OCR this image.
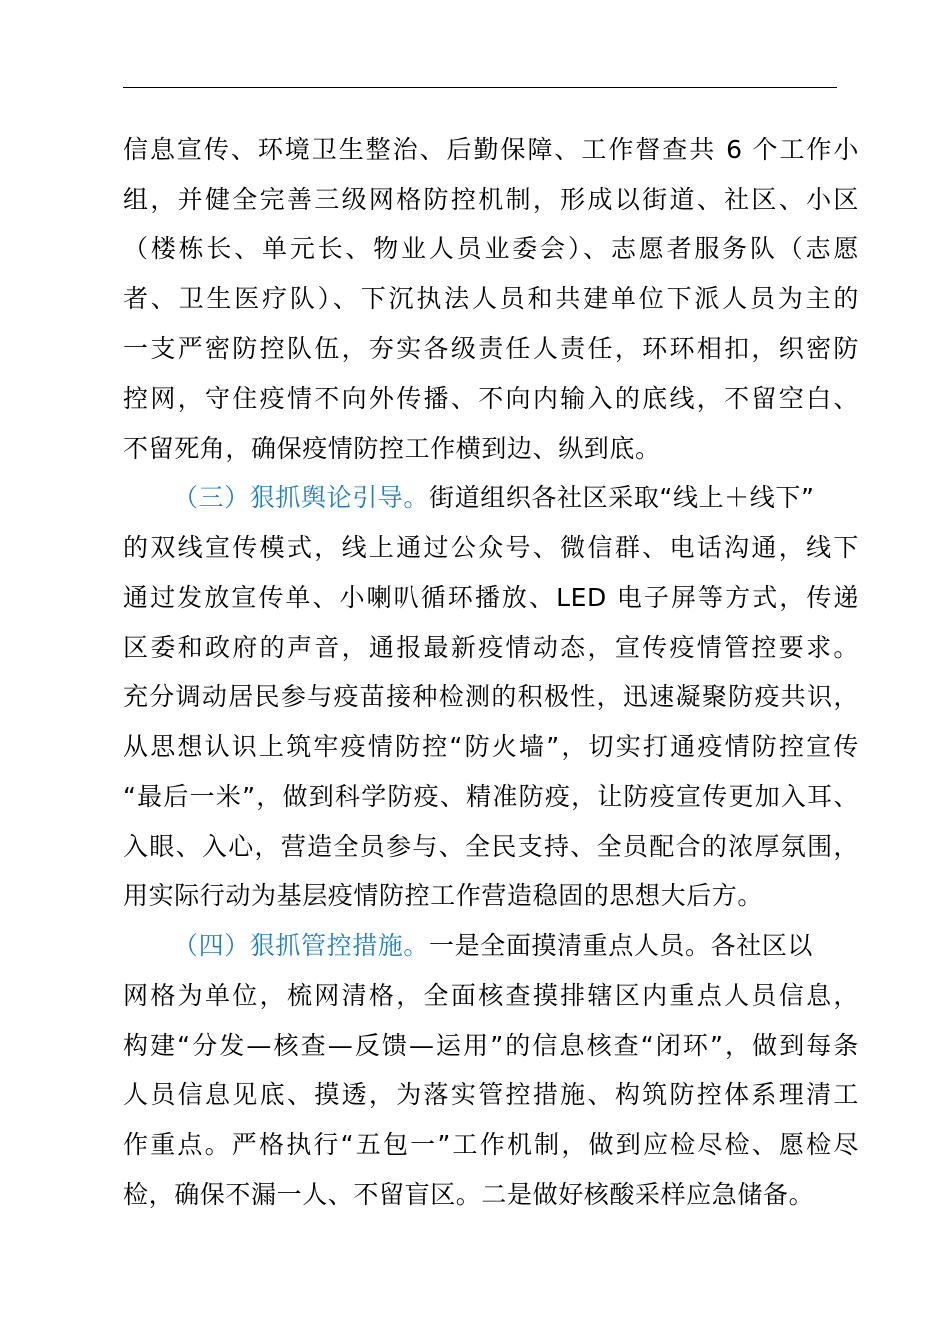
信息宣传、环境卫生整治、后勤保障、工作督查共 6 个工作小
组，并健全完善三级网格防控机制，形成以街道、社区、小区
（楼栋长、单元长、物业人员业委会）、志愿者服务队（志愿
者、卫生医疗队）、下沉执法人员和共建单位下派人员为主的
一支严密防控队伍，夯实各级责任人责任，环环相扣，织密防
控网，守住疫情不向外传播、不向内输入的底线，不留空白、
不留死角，确保疫情防控工作横到边、纵到底。
（三）狠抓舆论引导。街道组织各社区采取“线上＋线下”
的双线宣传模式，线上通过公众号、微信群、电话沟通，线下
通过发放宣传单、小喇叭循环播放、LED 电子屏等方式，传递
区委和政府的声音，通报最新疫情动态，宣传疫情管控要求。
充分调动居民参与疫苗接种检测的积极性，迅速凝聚防疫共识，
从思想认识上筑牢疫情防控“防火墙”，切实打通疫情防控宣传
“最后一米”，做到科学防疫、精准防疫，让防疫宣传更加入耳、
入眼、入心，营造全员参与、全民支持、全员配合的浓厚氛围，
用实际行动为基层疫情防控工作营造稳固的思想大后方。
（四）狠抓管控措施。一是全面摸清重点人员。各社区以
网格为单位，梳网清格，全面核查摸排辖区内重点人员信息，
构建“分发—核查—反馈—运用”的信息核查“闭环”，做到每条
人员信息见底、摸透，为落实管控措施、构筑防控体系理清工
作重点。严格执行“五包一”工作机制，做到应检尽检、愿检尽
检，确保不漏一人、不留盲区。二是做好核酸采样应急储备。
